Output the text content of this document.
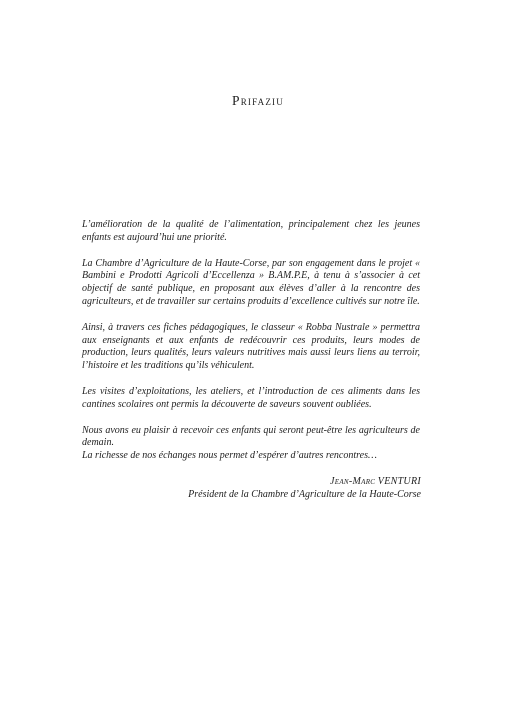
Prifaziu

L’amélioration de la qualité de l’alimentation, principalement chez les jeunes enfants est aujourd’hui une priorité.

La Chambre d’Agriculture de la Haute-Corse, par son engagement dans le projet « Bambini e Prodotti Agricoli d’Eccellenza » B.AM.P.E, à tenu à s’associer à cet objectif de santé publique, en proposant aux élèves d’aller à la rencontre des agriculteurs, et de travailler sur certains produits d’excellence cultivés sur notre île.

Ainsi, à travers ces fiches pédagogiques, le classeur « Robba Nustrale » permettra aux enseignants et aux enfants de redécouvrir ces produits, leurs modes de production, leurs qualités, leurs valeurs nutritives mais aussi leurs liens au terroir, l’histoire et les traditions qu’ils véhiculent.

Les visites d’exploitations, les ateliers, et l’introduction de ces aliments dans les cantines scolaires ont permis la découverte de saveurs souvent oubliées.

Nous avons eu plaisir à recevoir ces enfants qui seront peut-être les agriculteurs de demain.

La richesse de nos échanges nous permet d’espérer d’autres rencontres…

Jean-Marc VENTURI
Président de la Chambre d’Agriculture de la Haute-Corse
